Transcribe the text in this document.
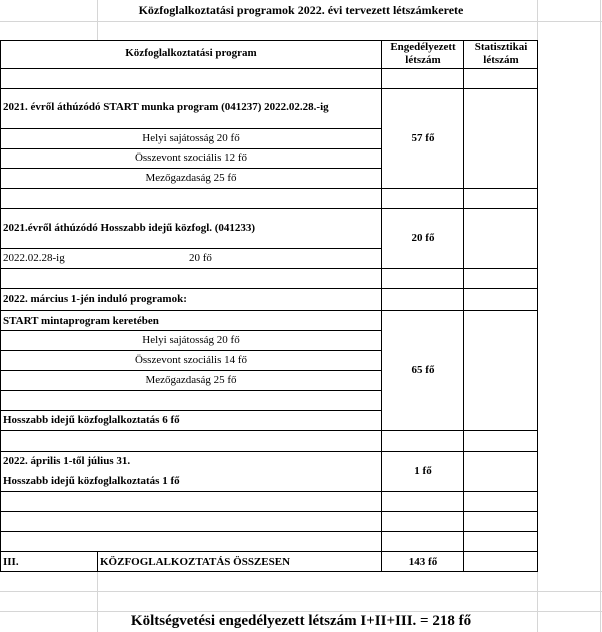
Közfoglalkoztatási programok 2022. évi tervezett létszámkerete
Közfoglalkoztatási program	Engedélyezett
létszám
Statisztikai
létszám
2021. évről áthúzódó START munka program (041237) 2022.02.28.-ig
Helyi sajátosság 20 fő
Összevont szociális 12 fő
Mezőgazdaság 25 fő
57 fő
2021.évről áthúzódó Hosszabb idejű közfogl. (041233)
2022.02.28-ig	20 fő
20 fő
2022. március 1-jén induló programok:
START mintaprogram keretében
Helyi sajátosság 20 fő
Összevont szociális 14 fő
Mezőgazdaság 25 fő
Hosszabb idejű közfoglalkoztatás 6 fő
65 fő
2022. április 1-től július 31.
Hosszabb idejű közfoglalkoztatás 1 fő
1 fő
III.	KÖZFOGLALKOZTATÁS ÖSSZESEN	143 fő
Költségvetési engedélyezett létszám I+II+III. = 218 fő
